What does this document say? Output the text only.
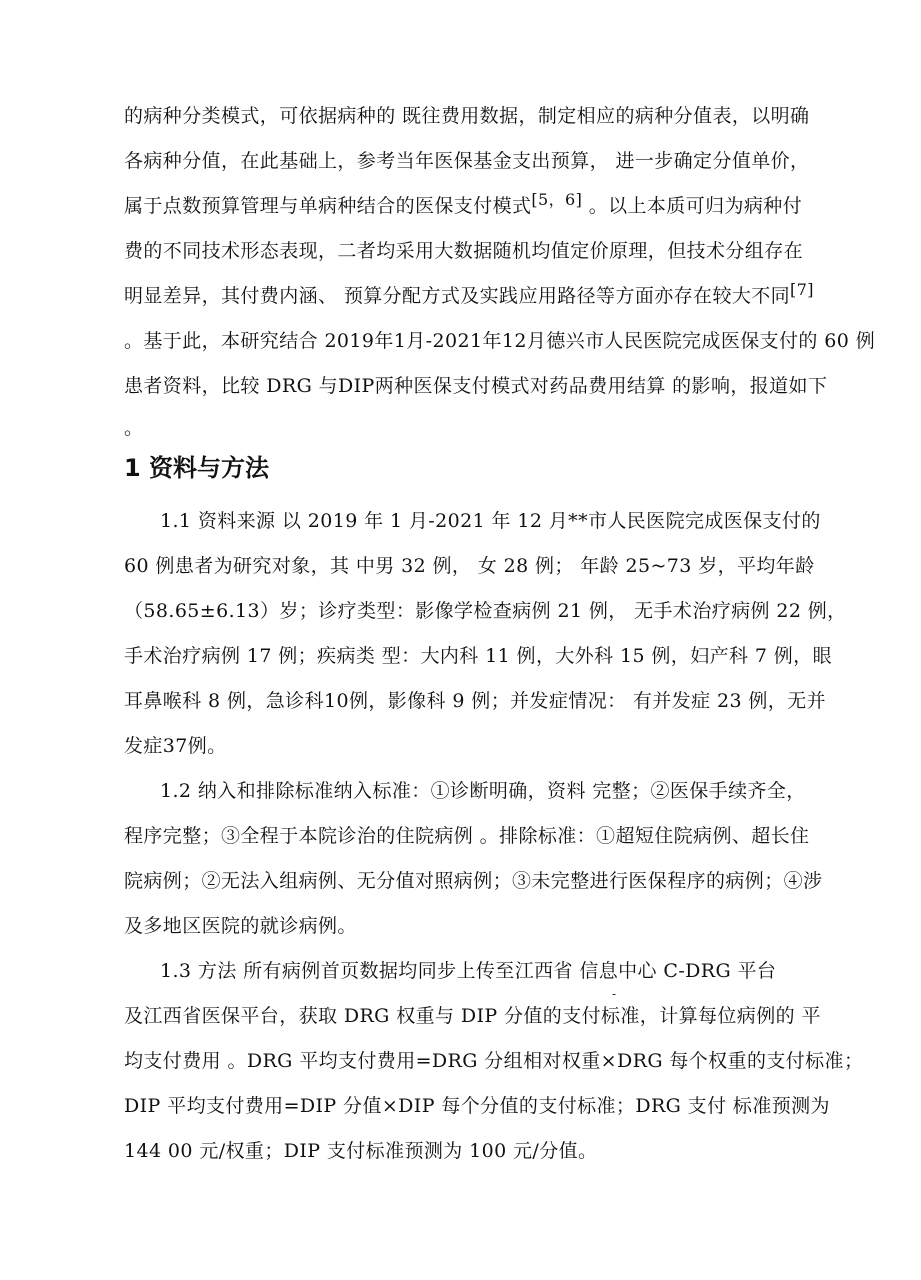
的病种分类模式，可依据病种的 既往费用数据，制定相应的病种分值表，以明确
各病种分值，在此基础上，参考当年医保基金支出预算， 进一步确定分值单价，
属于点数预算管理与单病种结合的医保支付模式[5，6] 。以上本质可归为病种付
费的不同技术形态表现，二者均采用大数据随机均值定价原理，但技术分组存在
明显差异，其付费内涵、 预算分配方式及实践应用路径等方面亦存在较大不同[7]
。基于此，本研究结合 2019年1月-2021年12月德兴市人民医院完成医保支付的 60 例
患者资料，比较 DRG 与DIP两种医保支付模式对药品费用结算 的影响，报道如下
。
1 资料与方法
1.1 资料来源 以 2019 年 1 月-2021 年 12 月**市人民医院完成医保支付的
60 例患者为研究对象，其 中男 32 例， 女 28 例； 年龄 25~73 岁，平均年龄
（58.65±6.13）岁；诊疗类型：影像学检查病例 21 例， 无手术治疗病例 22 例，
手术治疗病例 17 例；疾病类 型：大内科 11 例，大外科 15 例，妇产科 7 例，眼
耳鼻喉科 8 例，急诊科10例，影像科 9 例；并发症情况： 有并发症 23 例，无并
发症37例。
1.2 纳入和排除标准纳入标准：①诊断明确，资料 完整；②医保手续齐全，
程序完整；③全程于本院诊治的住院病例 。排除标准：①超短住院病例、超长住
院病例；②无法入组病例、无分值对照病例；③未完整进行医保程序的病例；④涉
及多地区医院的就诊病例。
-
1.3 方法 所有病例首页数据均同步上传至江西省 信息中心 C-DRG 平台
及江西省医保平台，获取 DRG 权重与 DIP 分值的支付标准，计算每位病例的 平
均支付费用 。DRG 平均支付费用=DRG 分组相对权重×DRG 每个权重的支付标准；
DIP 平均支付费用=DIP 分值×DIP 每个分值的支付标准；DRG 支付 标准预测为
144 00 元/权重；DIP 支付标准预测为 100 元/分值。
